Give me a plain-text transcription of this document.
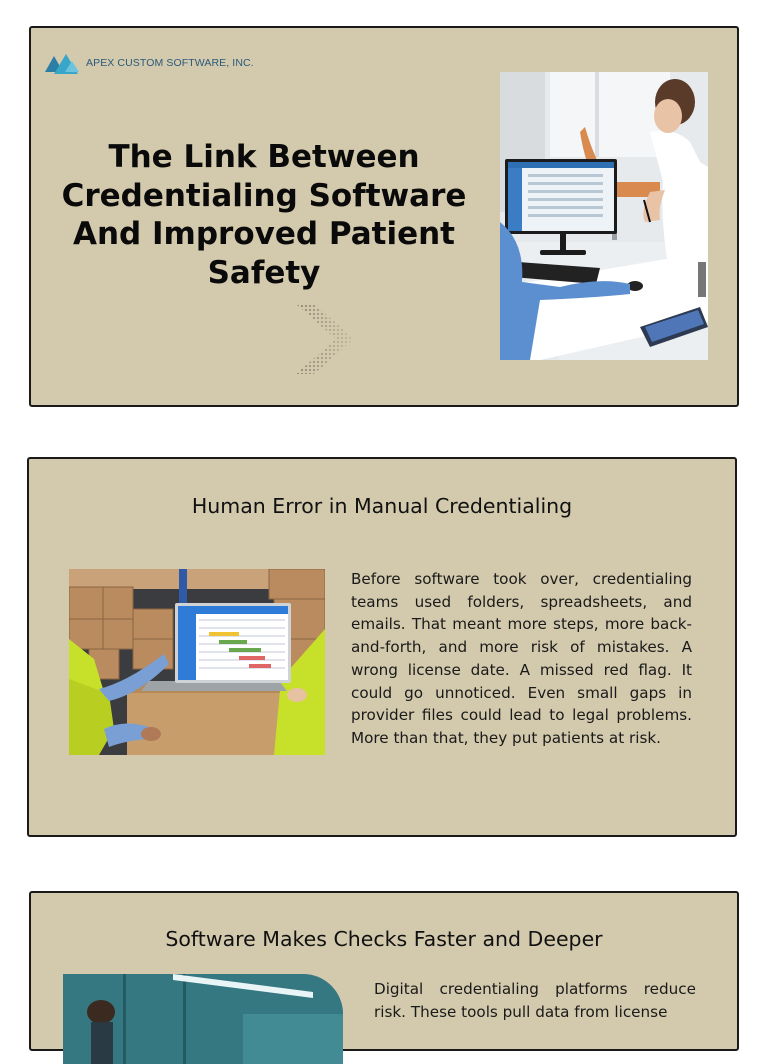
APEX CUSTOM SOFTWARE, INC.
The Link Between Credentialing Software And Improved Patient Safety
Human Error in Manual Credentialing

Before software took over, credentialing teams used folders, spreadsheets, and emails. That meant more steps, more back-and-forth, and more risk of mistakes. A wrong license date. A missed red flag. It could go unnoticed. Even small gaps in provider files could lead to legal problems. More than that, they put patients at risk.

Software Makes Checks Faster and Deeper

Digital credentialing platforms reduce risk. These tools pull data from license
